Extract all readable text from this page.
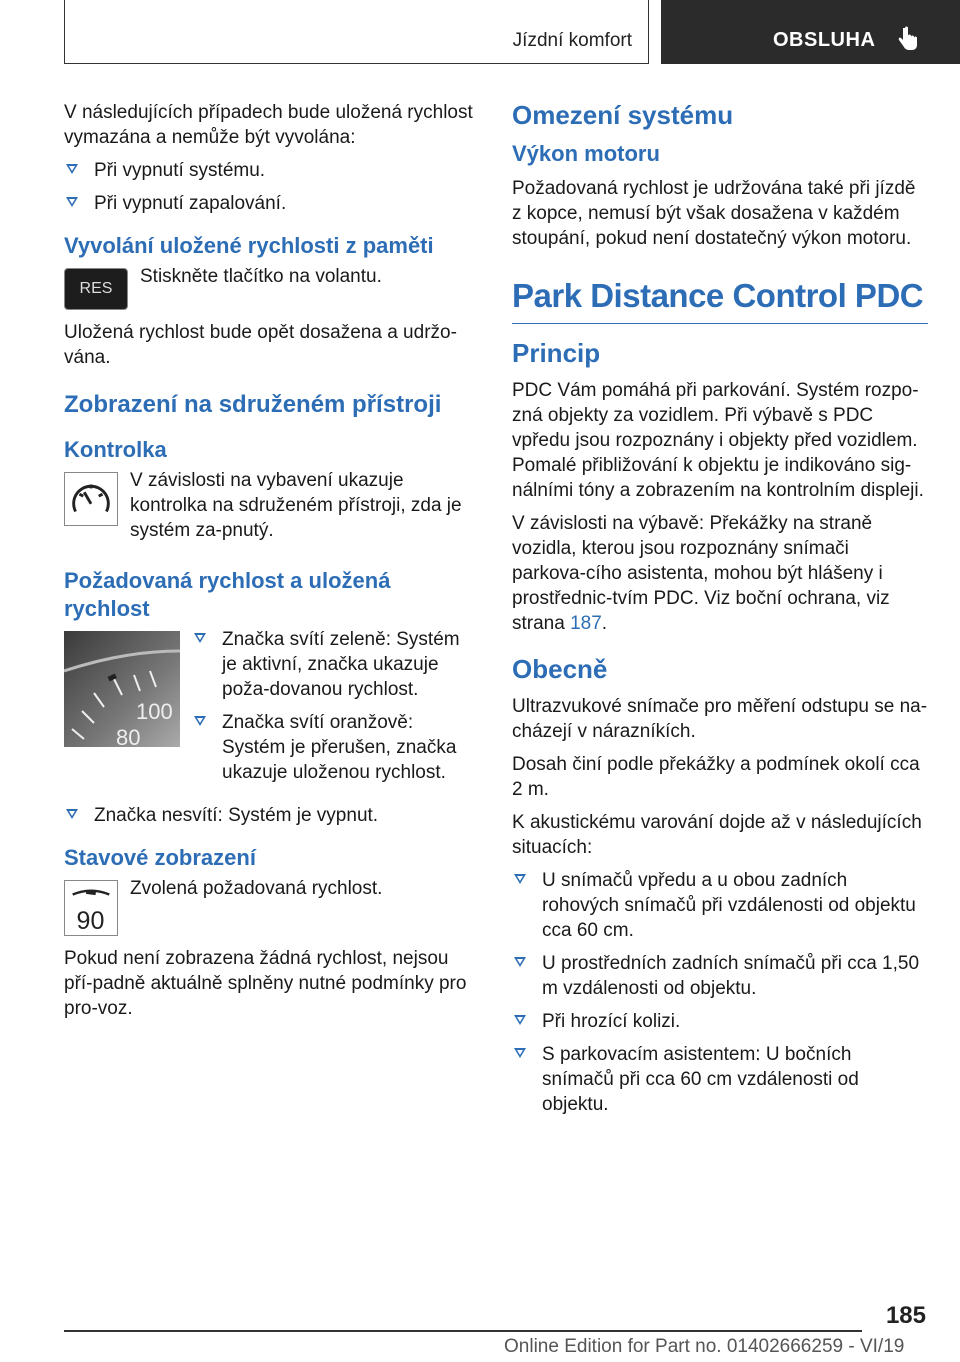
Jízdní komfort	OBSLUHA

V následujících případech bude uložená rychlost vymazána a nemůže být vyvolána:

Při vypnutí systému.
Při vypnutí zapalování.
Vyvolání uložené rychlosti z paměti
RES

Stiskněte tlačítko na volantu.

Uložená rychlost bude opět dosažena a udržo-vána.

Zobrazení na sdruženém přístroji
Kontrolka

V závislosti na vybavení ukazuje kontrolka na sdruženém přístroji, zda je systém za-pnutý.

Požadovaná rychlost a uložená rychlost
100
80
Značka svítí zeleně: Systém je aktivní, značka ukazuje poža-dovanou rychlost.
Značka svítí oranžově: Systém je přerušen, značka ukazuje uloženou rychlost.
Značka nesvítí: Systém je vypnut.
Stavové zobrazení
90

Zvolená požadovaná rychlost.

Pokud není zobrazena žádná rychlost, nejsou pří-padně aktuálně splněny nutné podmínky pro pro-voz.

Omezení systému
Výkon motoru

Požadovaná rychlost je udržována také při jízdě z kopce, nemusí být však dosažena v každém stoupání, pokud není dostatečný výkon motoru.

Park Distance Control PDC
Princip

PDC Vám pomáhá při parkování. Systém rozpo-zná objekty za vozidlem. Při výbavě s PDC vpředu jsou rozpoznány i objekty před vozidlem. Pomalé přibližování k objektu je indikováno sig-nálními tóny a zobrazením na kontrolním displeji.

V závislosti na výbavě: Překážky na straně vozidla, kterou jsou rozpoznány snímači parkova-cího asistenta, mohou být hlášeny i prostřednic-tvím PDC. Viz boční ochrana, viz strana 187.

Obecně

Ultrazvukové snímače pro měření odstupu se na-cházejí v nárazníkích.

Dosah činí podle překážky a podmínek okolí cca 2 m.

K akustickému varování dojde až v následujících situacích:

U snímačů vpředu a u obou zadních rohových snímačů při vzdálenosti od objektu cca 60 cm.
U prostředních zadních snímačů při cca 1,50 m vzdálenosti od objektu.
Při hrozící kolizi.
S parkovacím asistentem: U bočních snímačů při cca 60 cm vzdálenosti od objektu.
185
Online Edition for Part no. 01402666259 - VI/19
